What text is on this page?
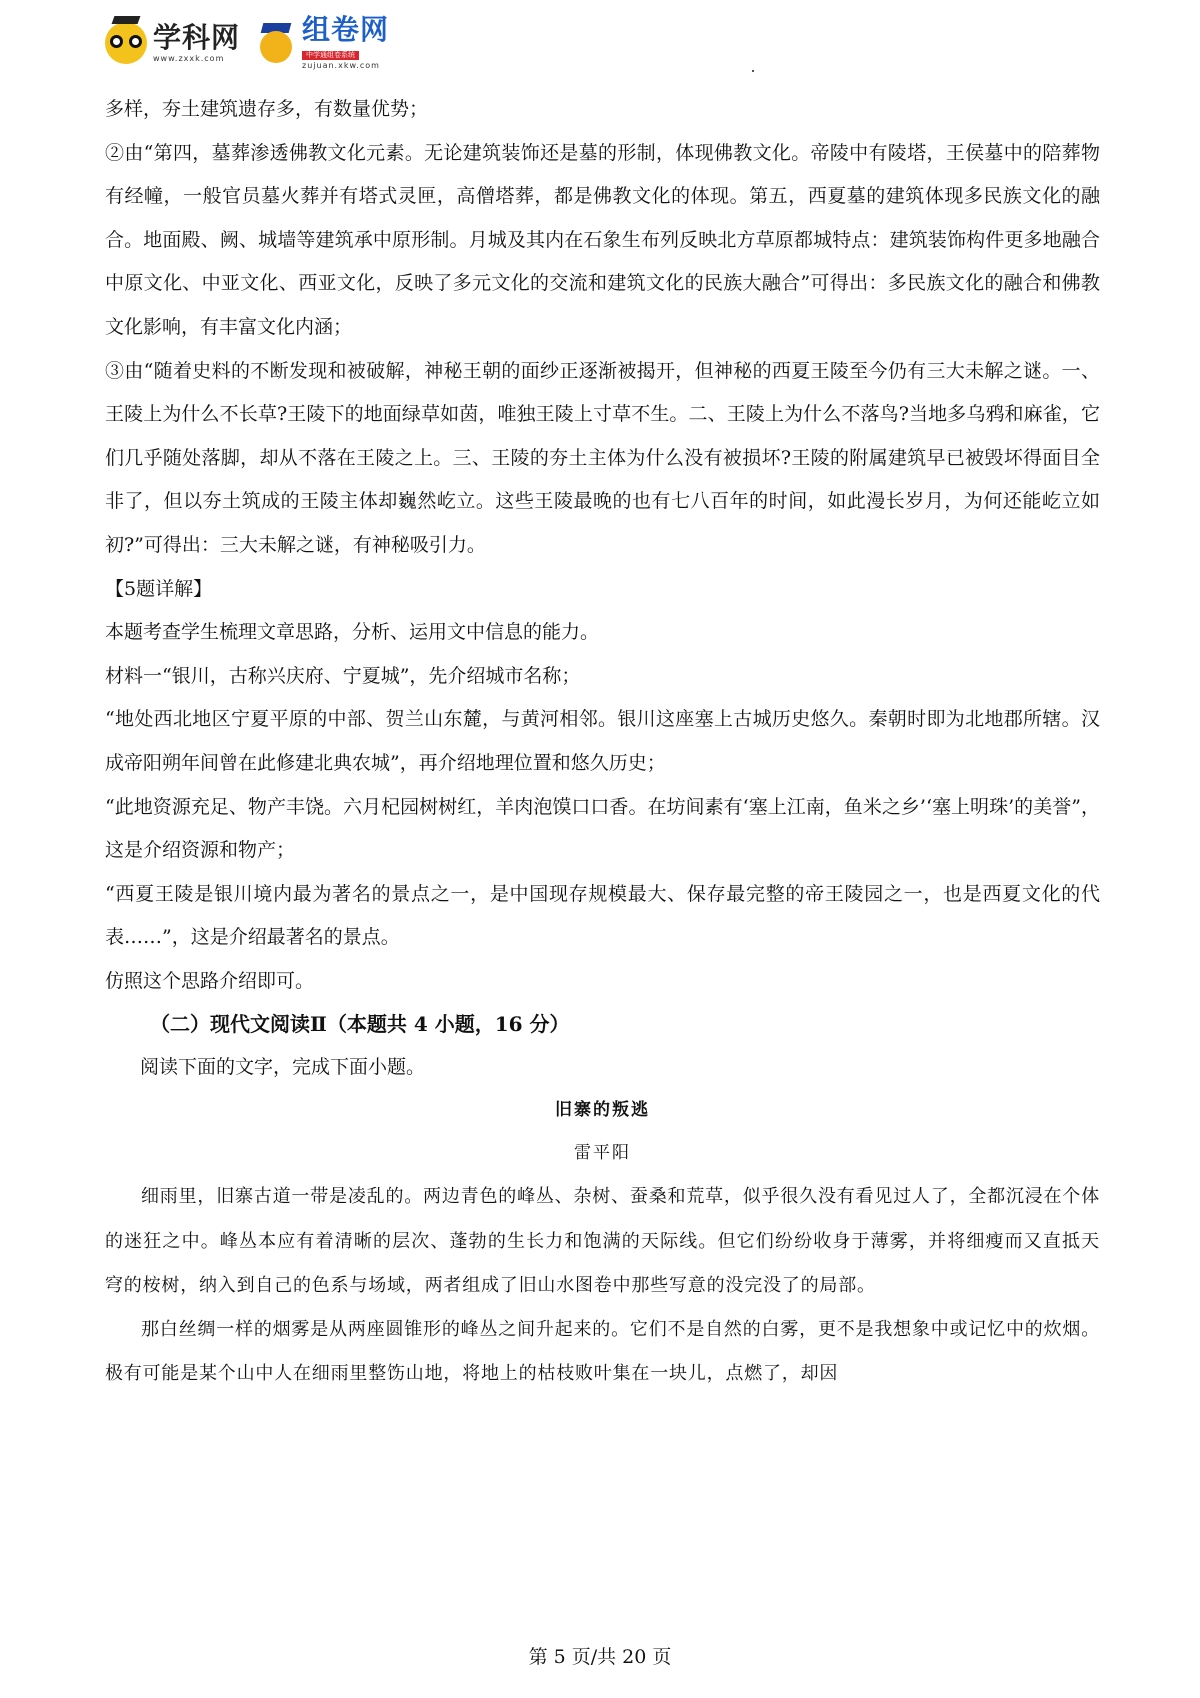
学科网
www.zxxk.com
组卷网
中学通组卷系统
zujuan.xkw.com

多样，夯土建筑遗存多，有数量优势；

②由“第四，墓葬渗透佛教文化元素。无论建筑装饰还是墓的形制，体现佛教文化。帝陵中有陵塔，王侯墓中的陪葬物有经幢，一般官员墓火葬并有塔式灵匣，高僧塔葬，都是佛教文化的体现。第五，西夏墓的建筑体现多民族文化的融合。地面殿、阙、城墙等建筑承中原形制。月城及其内在石象生布列反映北方草原都城特点：建筑装饰构件更多地融合中原文化、中亚文化、西亚文化，反映了多元文化的交流和建筑文化的民族大融合”可得出：多民族文化的融合和佛教文化影响，有丰富文化内涵；

③由“随着史料的不断发现和被破解，神秘王朝的面纱正逐渐被揭开，但神秘的西夏王陵至今仍有三大未解之谜。一、王陵上为什么不长草?王陵下的地面绿草如茵，唯独王陵上寸草不生。二、王陵上为什么不落鸟?当地多乌鸦和麻雀，它们几乎随处落脚，却从不落在王陵之上。三、王陵的夯土主体为什么没有被损坏?王陵的附属建筑早已被毁坏得面目全非了，但以夯土筑成的王陵主体却巍然屹立。这些王陵最晚的也有七八百年的时间，如此漫长岁月，为何还能屹立如初?”可得出：三大未解之谜，有神秘吸引力。

【5题详解】

本题考查学生梳理文章思路，分析、运用文中信息的能力。

材料一“银川，古称兴庆府、宁夏城”，先介绍城市名称；

“地处西北地区宁夏平原的中部、贺兰山东麓，与黄河相邻。银川这座塞上古城历史悠久。秦朝时即为北地郡所辖。汉成帝阳朔年间曾在此修建北典农城”，再介绍地理位置和悠久历史；

“此地资源充足、物产丰饶。六月杞园树树红，羊肉泡馍口口香。在坊间素有‘塞上江南，鱼米之乡’‘塞上明珠’的美誉”，这是介绍资源和物产；

“西夏王陵是银川境内最为著名的景点之一，是中国现存规模最大、保存最完整的帝王陵园之一，也是西夏文化的代表……”，这是介绍最著名的景点。

仿照这个思路介绍即可。

（二）现代文阅读Ⅱ（本题共 4 小题，16 分）

阅读下面的文字，完成下面小题。

旧寨的叛逃

雷平阳

细雨里，旧寨古道一带是凌乱的。两边青色的峰丛、杂树、蚕桑和荒草，似乎很久没有看见过人了，全都沉浸在个体的迷狂之中。峰丛本应有着清晰的层次、蓬勃的生长力和饱满的天际线。但它们纷纷收身于薄雾，并将细瘦而又直抵天穹的桉树，纳入到自己的色系与场域，两者组成了旧山水图卷中那些写意的没完没了的局部。

那白丝绸一样的烟雾是从两座圆锥形的峰丛之间升起来的。它们不是自然的白雾，更不是我想象中或记忆中的炊烟。极有可能是某个山中人在细雨里整饬山地，将地上的枯枝败叶集在一块儿，点燃了，却因

第 5 页/共 20 页
